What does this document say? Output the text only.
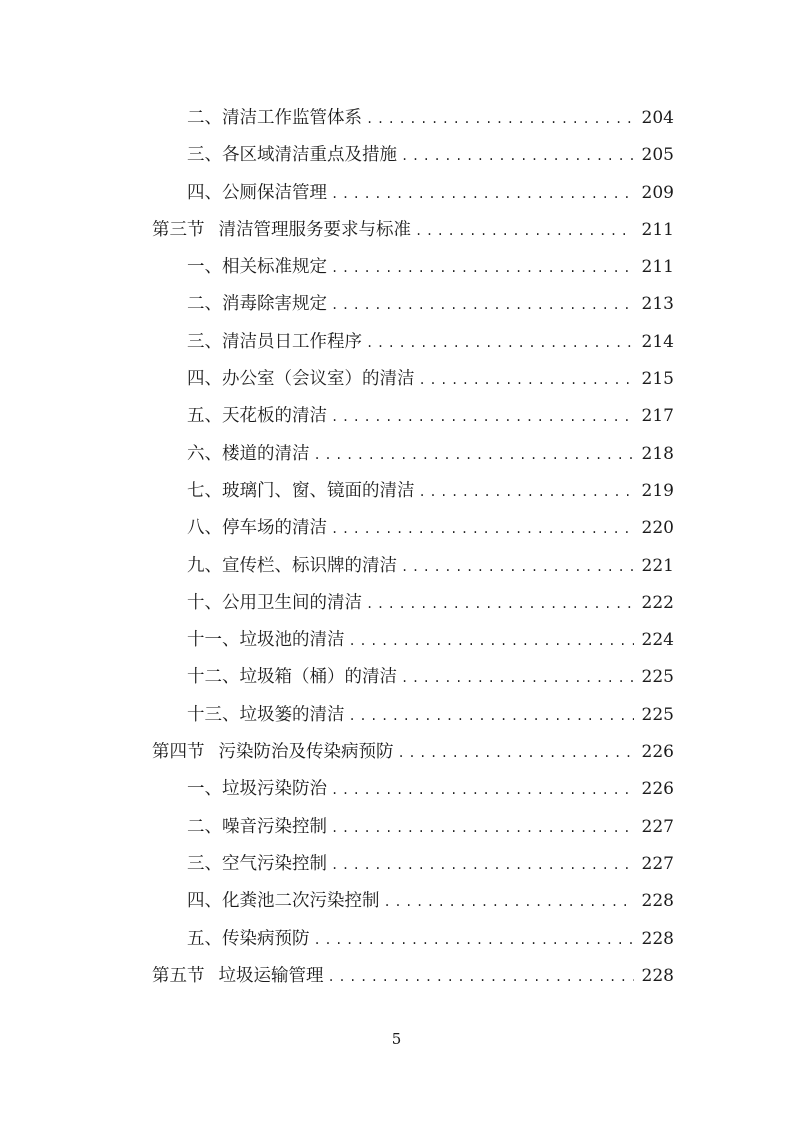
二、清洁工作监管体系 .....	204
三、各区域清洁重点及措施 .....	205
四、公厕保洁管理 .....	209
第三节 清洁管理服务要求与标准 .....	211
一、相关标准规定 .....	211
二、消毒除害规定 .....	213
三、清洁员日工作程序 .....	214
四、办公室（会议室）的清洁 .....	215
五、天花板的清洁 .....	217
六、楼道的清洁 .....	218
七、玻璃门、窗、镜面的清洁 .....	219
八、停车场的清洁 .....	220
九、宣传栏、标识牌的清洁 .....	221
十、公用卫生间的清洁 .....	222
十一、垃圾池的清洁 .....	224
十二、垃圾箱（桶）的清洁 .....	225
十三、垃圾篓的清洁 .....	225
第四节 污染防治及传染病预防 .....	226
一、垃圾污染防治 .....	226
二、噪音污染控制 .....	227
三、空气污染控制 .....	227
四、化粪池二次污染控制 .....	228
五、传染病预防 .....	228
第五节 垃圾运输管理 .....	228
5
